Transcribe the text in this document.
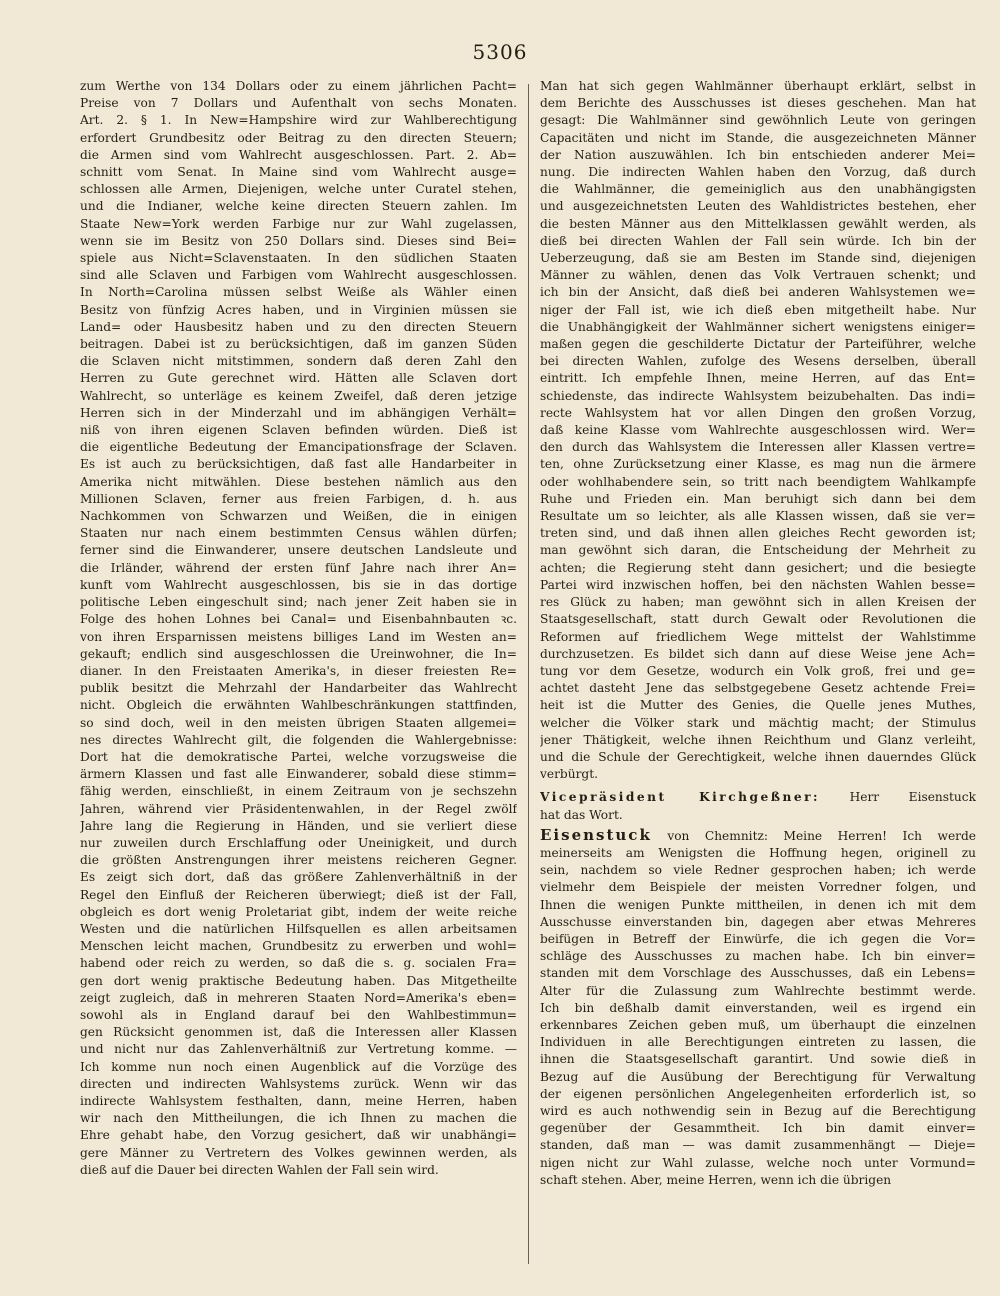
5306
zum Werthe von 134 Dollars oder zu einem jährlichen Pacht=
Preise von 7 Dollars und Aufenthalt von sechs Monaten.
Art. 2. § 1. In New=Hampshire wird zur Wahlberechtigung
erfordert Grundbesitz oder Beitrag zu den directen Steuern;
die Armen sind vom Wahlrecht ausgeschlossen. Part. 2. Ab=
schnitt vom Senat. In Maine sind vom Wahlrecht ausge=
schlossen alle Armen, Diejenigen, welche unter Curatel stehen,
und die Indianer, welche keine directen Steuern zahlen. Im
Staate New=York werden Farbige nur zur Wahl zugelassen,
wenn sie im Besitz von 250 Dollars sind. Dieses sind Bei=
spiele aus Nicht=Sclavenstaaten. In den südlichen Staaten
sind alle Sclaven und Farbigen vom Wahlrecht ausgeschlossen.
In North=Carolina müssen selbst Weiße als Wähler einen
Besitz von fünfzig Acres haben, und in Virginien müssen sie
Land= oder Hausbesitz haben und zu den directen Steuern
beitragen. Dabei ist zu berücksichtigen, daß im ganzen Süden
die Sclaven nicht mitstimmen, sondern daß deren Zahl den
Herren zu Gute gerechnet wird. Hätten alle Sclaven dort
Wahlrecht, so unterläge es keinem Zweifel, daß deren jetzige
Herren sich in der Minderzahl und im abhängigen Verhält=
niß von ihren eigenen Sclaven befinden würden. Dieß ist
die eigentliche Bedeutung der Emancipationsfrage der Sclaven.
Es ist auch zu berücksichtigen, daß fast alle Handarbeiter in
Amerika nicht mitwählen. Diese bestehen nämlich aus den
Millionen Sclaven, ferner aus freien Farbigen, d. h. aus
Nachkommen von Schwarzen und Weißen, die in einigen
Staaten nur nach einem bestimmten Census wählen dürfen;
ferner sind die Einwanderer, unsere deutschen Landsleute und
die Irländer, während der ersten fünf Jahre nach ihrer An=
kunft vom Wahlrecht ausgeschlossen, bis sie in das dortige
politische Leben eingeschult sind; nach jener Zeit haben sie in
Folge des hohen Lohnes bei Canal= und Eisenbahnbauten ꝛc.
von ihren Ersparnissen meistens billiges Land im Westen an=
gekauft; endlich sind ausgeschlossen die Ureinwohner, die In=
dianer. In den Freistaaten Amerika's, in dieser freiesten Re=
publik besitzt die Mehrzahl der Handarbeiter das Wahlrecht
nicht. Obgleich die erwähnten Wahlbeschränkungen stattfinden,
so sind doch, weil in den meisten übrigen Staaten allgemei=
nes directes Wahlrecht gilt, die folgenden die Wahlergebnisse:
Dort hat die demokratische Partei, welche vorzugsweise die
ärmern Klassen und fast alle Einwanderer, sobald diese stimm=
fähig werden, einschließt, in einem Zeitraum von je sechszehn
Jahren, während vier Präsidentenwahlen, in der Regel zwölf
Jahre lang die Regierung in Händen, und sie verliert diese
nur zuweilen durch Erschlaffung oder Uneinigkeit, und durch
die größten Anstrengungen ihrer meistens reicheren Gegner.
Es zeigt sich dort, daß das größere Zahlenverhältniß in der
Regel den Einfluß der Reicheren überwiegt; dieß ist der Fall,
obgleich es dort wenig Proletariat gibt, indem der weite reiche
Westen und die natürlichen Hilfsquellen es allen arbeitsamen
Menschen leicht machen, Grundbesitz zu erwerben und wohl=
habend oder reich zu werden, so daß die s. g. socialen Fra=
gen dort wenig praktische Bedeutung haben. Das Mitgetheilte
zeigt zugleich, daß in mehreren Staaten Nord=Amerika's eben=
sowohl als in England darauf bei den Wahlbestimmun=
gen Rücksicht genommen ist, daß die Interessen aller Klassen
und nicht nur das Zahlenverhältniß zur Vertretung komme. —
Ich komme nun noch einen Augenblick auf die Vorzüge des
directen und indirecten Wahlsystems zurück. Wenn wir das
indirecte Wahlsystem festhalten, dann, meine Herren, haben
wir nach den Mittheilungen, die ich Ihnen zu machen die
Ehre gehabt habe, den Vorzug gesichert, daß wir unabhängi=
gere Männer zu Vertretern des Volkes gewinnen werden, als
dieß auf die Dauer bei directen Wahlen der Fall sein wird.
Man hat sich gegen Wahlmänner überhaupt erklärt, selbst in
dem Berichte des Ausschusses ist dieses geschehen. Man hat
gesagt: Die Wahlmänner sind gewöhnlich Leute von geringen
Capacitäten und nicht im Stande, die ausgezeichneten Männer
der Nation auszuwählen. Ich bin entschieden anderer Mei=
nung. Die indirecten Wahlen haben den Vorzug, daß durch
die Wahlmänner, die gemeiniglich aus den unabhängigsten
und ausgezeichnetsten Leuten des Wahldistrictes bestehen, eher
die besten Männer aus den Mittelklassen gewählt werden, als
dieß bei directen Wahlen der Fall sein würde. Ich bin der
Ueberzeugung, daß sie am Besten im Stande sind, diejenigen
Männer zu wählen, denen das Volk Vertrauen schenkt; und
ich bin der Ansicht, daß dieß bei anderen Wahlsystemen we=
niger der Fall ist, wie ich dieß eben mitgetheilt habe. Nur
die Unabhängigkeit der Wahlmänner sichert wenigstens einiger=
maßen gegen die geschilderte Dictatur der Parteiführer, welche
bei directen Wahlen, zufolge des Wesens derselben, überall
eintritt. Ich empfehle Ihnen, meine Herren, auf das Ent=
schiedenste, das indirecte Wahlsystem beizubehalten. Das indi=
recte Wahlsystem hat vor allen Dingen den großen Vorzug,
daß keine Klasse vom Wahlrechte ausgeschlossen wird. Wer=
den durch das Wahlsystem die Interessen aller Klassen vertre=
ten, ohne Zurücksetzung einer Klasse, es mag nun die ärmere
oder wohlhabendere sein, so tritt nach beendigtem Wahlkampfe
Ruhe und Frieden ein. Man beruhigt sich dann bei dem
Resultate um so leichter, als alle Klassen wissen, daß sie ver=
treten sind, und daß ihnen allen gleiches Recht geworden ist;
man gewöhnt sich daran, die Entscheidung der Mehrheit zu
achten; die Regierung steht dann gesichert; und die besiegte
Partei wird inzwischen hoffen, bei den nächsten Wahlen besse=
res Glück zu haben; man gewöhnt sich in allen Kreisen der
Staatsgesellschaft, statt durch Gewalt oder Revolutionen die
Reformen auf friedlichem Wege mittelst der Wahlstimme
durchzusetzen. Es bildet sich dann auf diese Weise jene Ach=
tung vor dem Gesetze, wodurch ein Volk groß, frei und ge=
achtet dasteht Jene das selbstgegebene Gesetz achtende Frei=
heit ist die Mutter des Genies, die Quelle jenes Muthes,
welcher die Völker stark und mächtig macht; der Stimulus
jener Thätigkeit, welche ihnen Reichthum und Glanz verleiht,
und die Schule der Gerechtigkeit, welche ihnen dauerndes Glück
verbürgt.
Vicepräsident Kirchgeßner: Herr Eisenstuck
hat das Wort.
Eisenstuck von Chemnitz: Meine Herren! Ich werde
meinerseits am Wenigsten die Hoffnung hegen, originell zu
sein, nachdem so viele Redner gesprochen haben; ich werde
vielmehr dem Beispiele der meisten Vorredner folgen, und
Ihnen die wenigen Punkte mittheilen, in denen ich mit dem
Ausschusse einverstanden bin, dagegen aber etwas Mehreres
beifügen in Betreff der Einwürfe, die ich gegen die Vor=
schläge des Ausschusses zu machen habe. Ich bin einver=
standen mit dem Vorschlage des Ausschusses, daß ein Lebens=
Alter für die Zulassung zum Wahlrechte bestimmt werde.
Ich bin deßhalb damit einverstanden, weil es irgend ein
erkennbares Zeichen geben muß, um überhaupt die einzelnen
Individuen in alle Berechtigungen eintreten zu lassen, die
ihnen die Staatsgesellschaft garantirt. Und sowie dieß in
Bezug auf die Ausübung der Berechtigung für Verwaltung
der eigenen persönlichen Angelegenheiten erforderlich ist, so
wird es auch nothwendig sein in Bezug auf die Berechtigung
gegenüber der Gesammtheit. Ich bin damit einver=
standen, daß man — was damit zusammenhängt — Dieje=
nigen nicht zur Wahl zulasse, welche noch unter Vormund=
schaft stehen. Aber, meine Herren, wenn ich die übrigen
